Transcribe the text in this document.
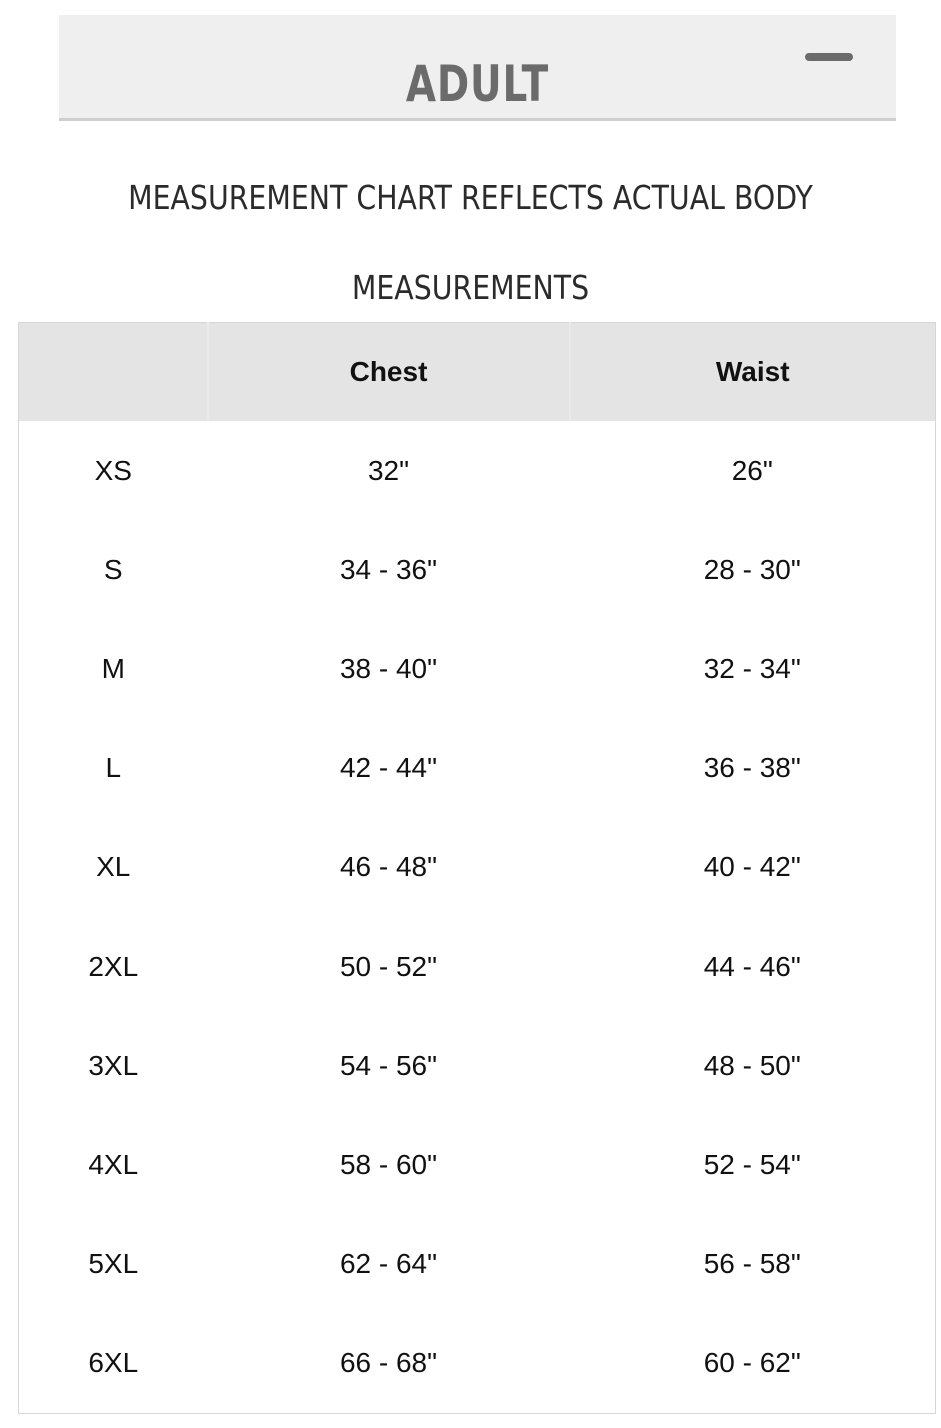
ADULT
MEASUREMENT CHART REFLECTS ACTUAL BODY
MEASUREMENTS
	Chest	Waist
XS	32"	26"
S	34 - 36"	28 - 30"
M	38 - 40"	32 - 34"
L	42 - 44"	36 - 38"
XL	46 - 48"	40 - 42"
2XL	50 - 52"	44 - 46"
3XL	54 - 56"	48 - 50"
4XL	58 - 60"	52 - 54"
5XL	62 - 64"	56 - 58"
6XL	66 - 68"	60 - 62"
